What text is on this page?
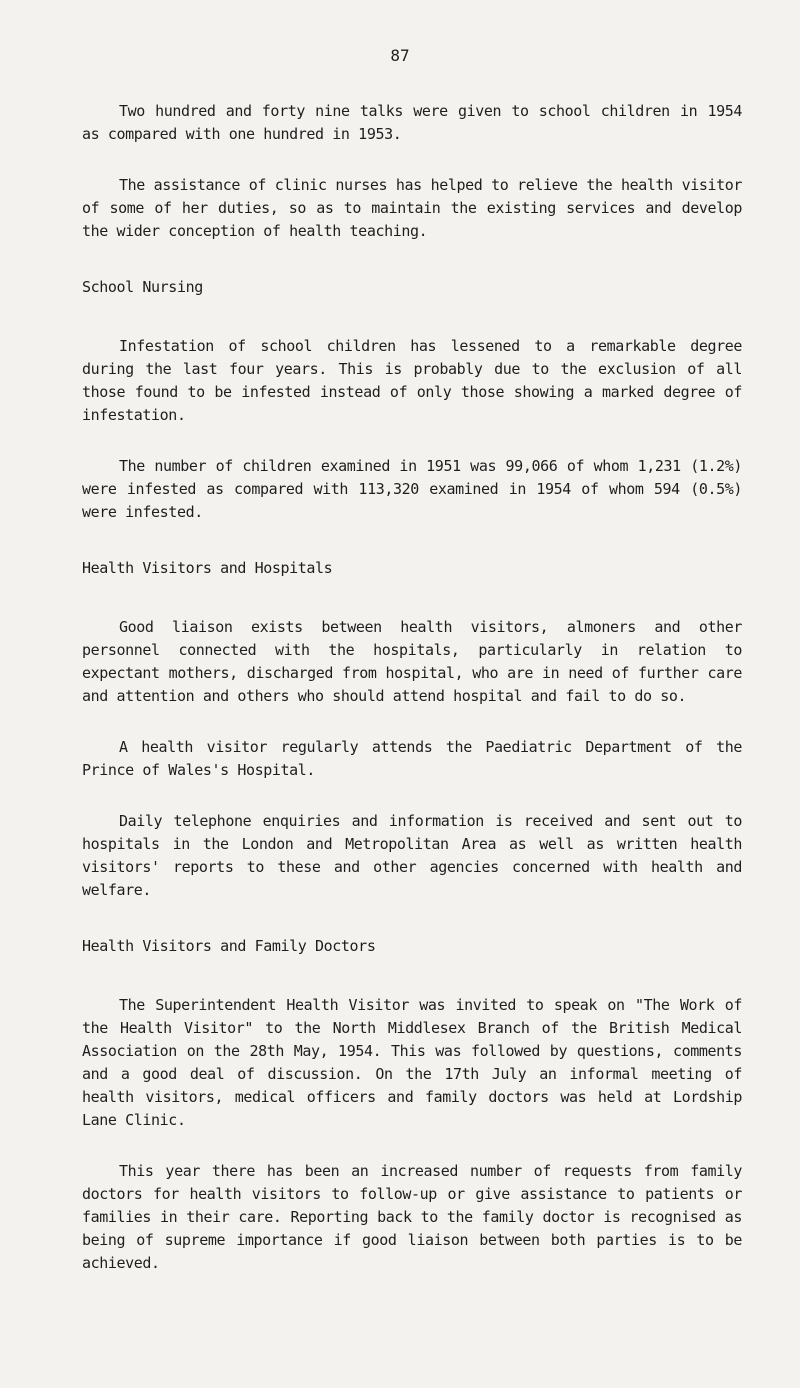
87

Two hundred and forty nine talks were given to school children in 1954 as compared with one hundred in 1953.

The assistance of clinic nurses has helped to relieve the health visitor of some of her duties, so as to maintain the existing services and develop the wider conception of health teaching.

School Nursing

Infestation of school children has lessened to a remarkable degree during the last four years. This is probably due to the exclusion of all those found to be infested instead of only those showing a marked degree of infestation.

The number of children examined in 1951 was 99,066 of whom 1,231 (1.2%) were infested as compared with 113,320 examined in 1954 of whom 594 (0.5%) were infested.

Health Visitors and Hospitals

Good liaison exists between health visitors, almoners and other personnel connected with the hospitals, particularly in relation to expectant mothers, discharged from hospital, who are in need of further care and attention and others who should attend hospital and fail to do so.

A health visitor regularly attends the Paediatric Department of the Prince of Wales's Hospital.

Daily telephone enquiries and information is received and sent out to hospitals in the London and Metropolitan Area as well as written health visitors' reports to these and other agencies concerned with health and welfare.

Health Visitors and Family Doctors

The Superintendent Health Visitor was invited to speak on "The Work of the Health Visitor" to the North Middlesex Branch of the British Medical Association on the 28th May, 1954. This was followed by questions, comments and a good deal of discussion. On the 17th July an informal meeting of health visitors, medical officers and family doctors was held at Lordship Lane Clinic.

This year there has been an increased number of requests from family doctors for health visitors to follow-up or give assistance to patients or families in their care. Reporting back to the family doctor is recognised as being of supreme importance if good liaison between both parties is to be achieved.
